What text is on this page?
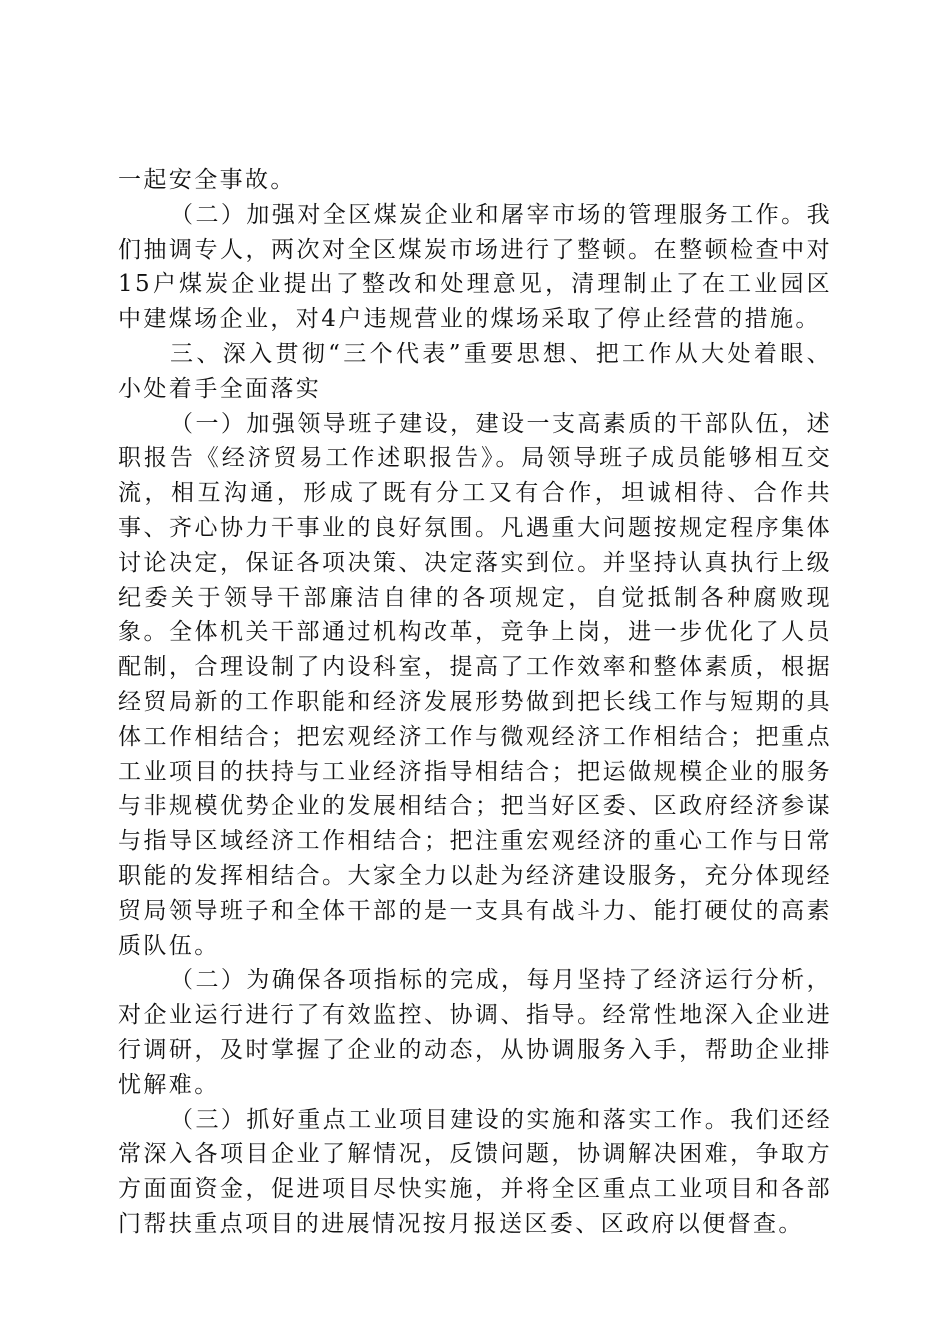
一起安全事故。

（二）加强对全区煤炭企业和屠宰市场的管理服务工作。我们抽调专人，两次对全区煤炭市场进行了整顿。在整顿检查中对15户煤炭企业提出了整改和处理意见，清理制止了在工业园区中建煤场企业，对4户违规营业的煤场采取了停止经营的措施。

三、深入贯彻“三个代表”重要思想、把工作从大处着眼、小处着手全面落实

（一）加强领导班子建设，建设一支高素质的干部队伍，述职报告《经济贸易工作述职报告》。局领导班子成员能够相互交流，相互沟通，形成了既有分工又有合作，坦诚相待、合作共事、齐心协力干事业的良好氛围。凡遇重大问题按规定程序集体讨论决定，保证各项决策、决定落实到位。并坚持认真执行上级纪委关于领导干部廉洁自律的各项规定，自觉抵制各种腐败现象。全体机关干部通过机构改革，竞争上岗，进一步优化了人员配制，合理设制了内设科室，提高了工作效率和整体素质，根据经贸局新的工作职能和经济发展形势做到把长线工作与短期的具体工作相结合；把宏观经济工作与微观经济工作相结合；把重点工业项目的扶持与工业经济指导相结合；把运做规模企业的服务与非规模优势企业的发展相结合；把当好区委、区政府经济参谋与指导区域经济工作相结合；把注重宏观经济的重心工作与日常职能的发挥相结合。大家全力以赴为经济建设服务，充分体现经贸局领导班子和全体干部的是一支具有战斗力、能打硬仗的高素质队伍。

（二）为确保各项指标的完成，每月坚持了经济运行分析，对企业运行进行了有效监控、协调、指导。经常性地深入企业进行调研，及时掌握了企业的动态，从协调服务入手，帮助企业排忧解难。

（三）抓好重点工业项目建设的实施和落实工作。我们还经常深入各项目企业了解情况，反馈问题，协调解决困难，争取方方面面资金，促进项目尽快实施，并将全区重点工业项目和各部门帮扶重点项目的进展情况按月报送区委、区政府以便督查。
